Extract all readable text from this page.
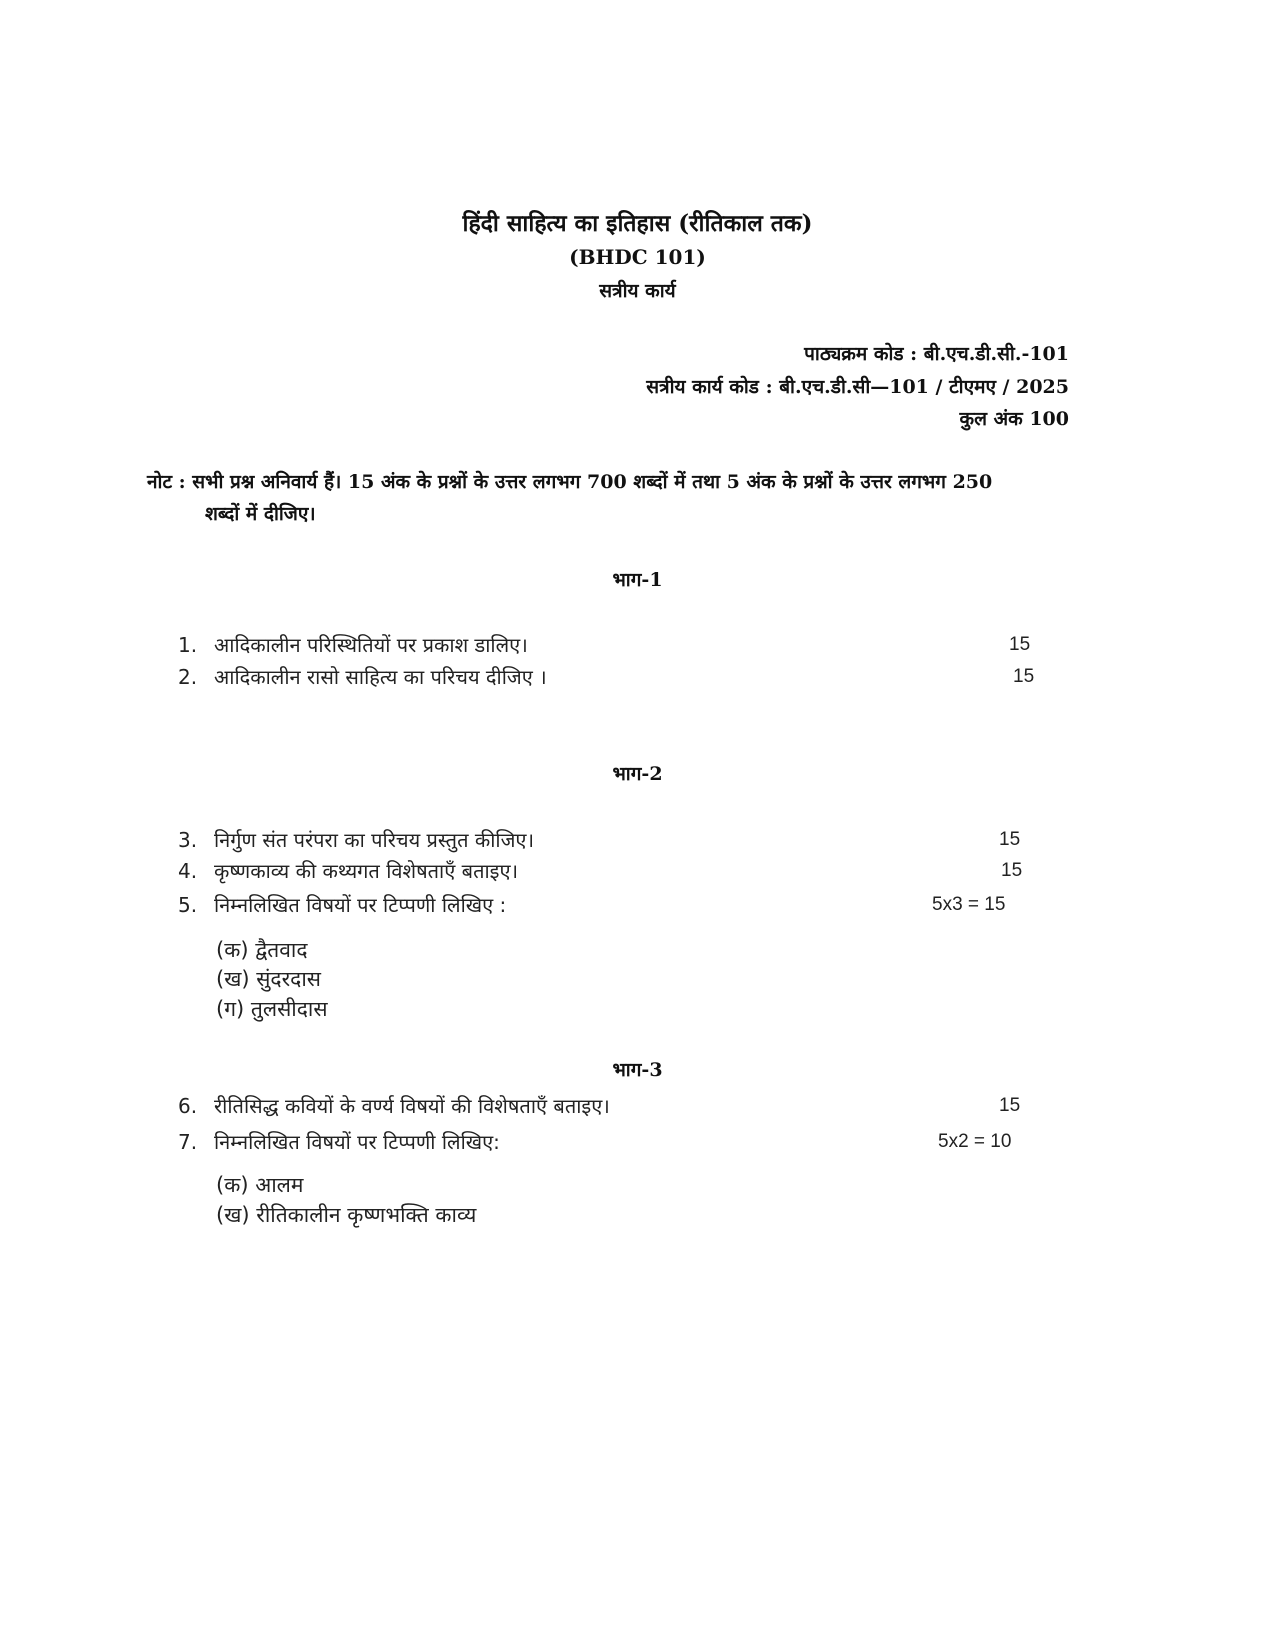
हिंदी साहित्य का इतिहास (रीतिकाल तक)
(BHDC 101)
सत्रीय कार्य
पाठ्यक्रम कोड : बी.एच.डी.सी.-101
सत्रीय कार्य कोड : बी.एच.डी.सी—101 / टीएमए / 2025
कुल अंक 100
नोट : सभी प्रश्न अनिवार्य हैं। 15 अंक के प्रश्नों के उत्तर लगभग 700 शब्दों में तथा 5 अंक के प्रश्नों के उत्तर लगभग 250
शब्दों में दीजिए।
भाग-1
1. आदिकालीन परिस्थितियों पर प्रकाश डालिए।	15
2. आदिकालीन रासो साहित्य का परिचय दीजिए ।	15
भाग-2
3. निर्गुण संत परंपरा का परिचय प्रस्तुत कीजिए।	15
4. कृष्णकाव्य की कथ्यगत विशेषताएँ बताइए।	15
5. निम्नलिखित विषयों पर टिप्पणी लिखिए :	5x3 = 15
(क) द्वैतवाद
(ख) सुंदरदास
(ग) तुलसीदास
भाग-3
6. रीतिसिद्ध कवियों के वर्ण्य विषयों की विशेषताएँ बताइए।	15
7. निम्नलिखित विषयों पर टिप्पणी लिखिए:	5x2 = 10
(क) आलम
(ख) रीतिकालीन कृष्णभक्ति काव्य
